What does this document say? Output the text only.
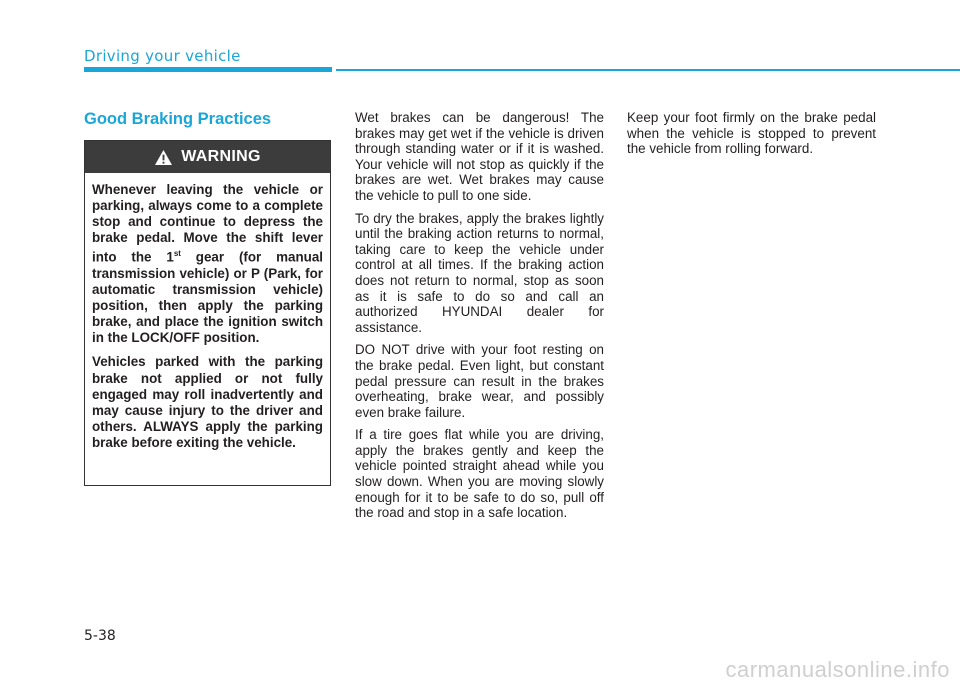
Driving your vehicle
Good Braking Practices
WARNING

Whenever leaving the vehicle or parking, always come to a complete stop and continue to depress the brake pedal. Move the shift lever into the 1st gear (for manual transmission vehicle) or P (Park, for automatic transmission vehicle) position, then apply the parking brake, and place the ignition switch in the LOCK/OFF position.

Vehicles parked with the parking brake not applied or not fully engaged may roll inadvertently and may cause injury to the driver and others. ALWAYS apply the parking brake before exiting the vehicle.

Wet brakes can be dangerous! The brakes may get wet if the vehicle is driven through standing water or if it is washed. Your vehicle will not stop as quickly if the brakes are wet. Wet brakes may cause the vehicle to pull to one side.

To dry the brakes, apply the brakes lightly until the braking action returns to normal, taking care to keep the vehicle under control at all times. If the braking action does not return to normal, stop as soon as it is safe to do so and call an authorized HYUNDAI dealer for assistance.

DO NOT drive with your foot resting on the brake pedal. Even light, but constant pedal pressure can result in the brakes overheating, brake wear, and possibly even brake failure.

If a tire goes flat while you are driving, apply the brakes gently and keep the vehicle pointed straight ahead while you slow down. When you are moving slowly enough for it to be safe to do so, pull off the road and stop in a safe location.

Keep your foot firmly on the brake pedal when the vehicle is stopped to prevent the vehicle from rolling forward.

5-38
carmanualsonline.info
